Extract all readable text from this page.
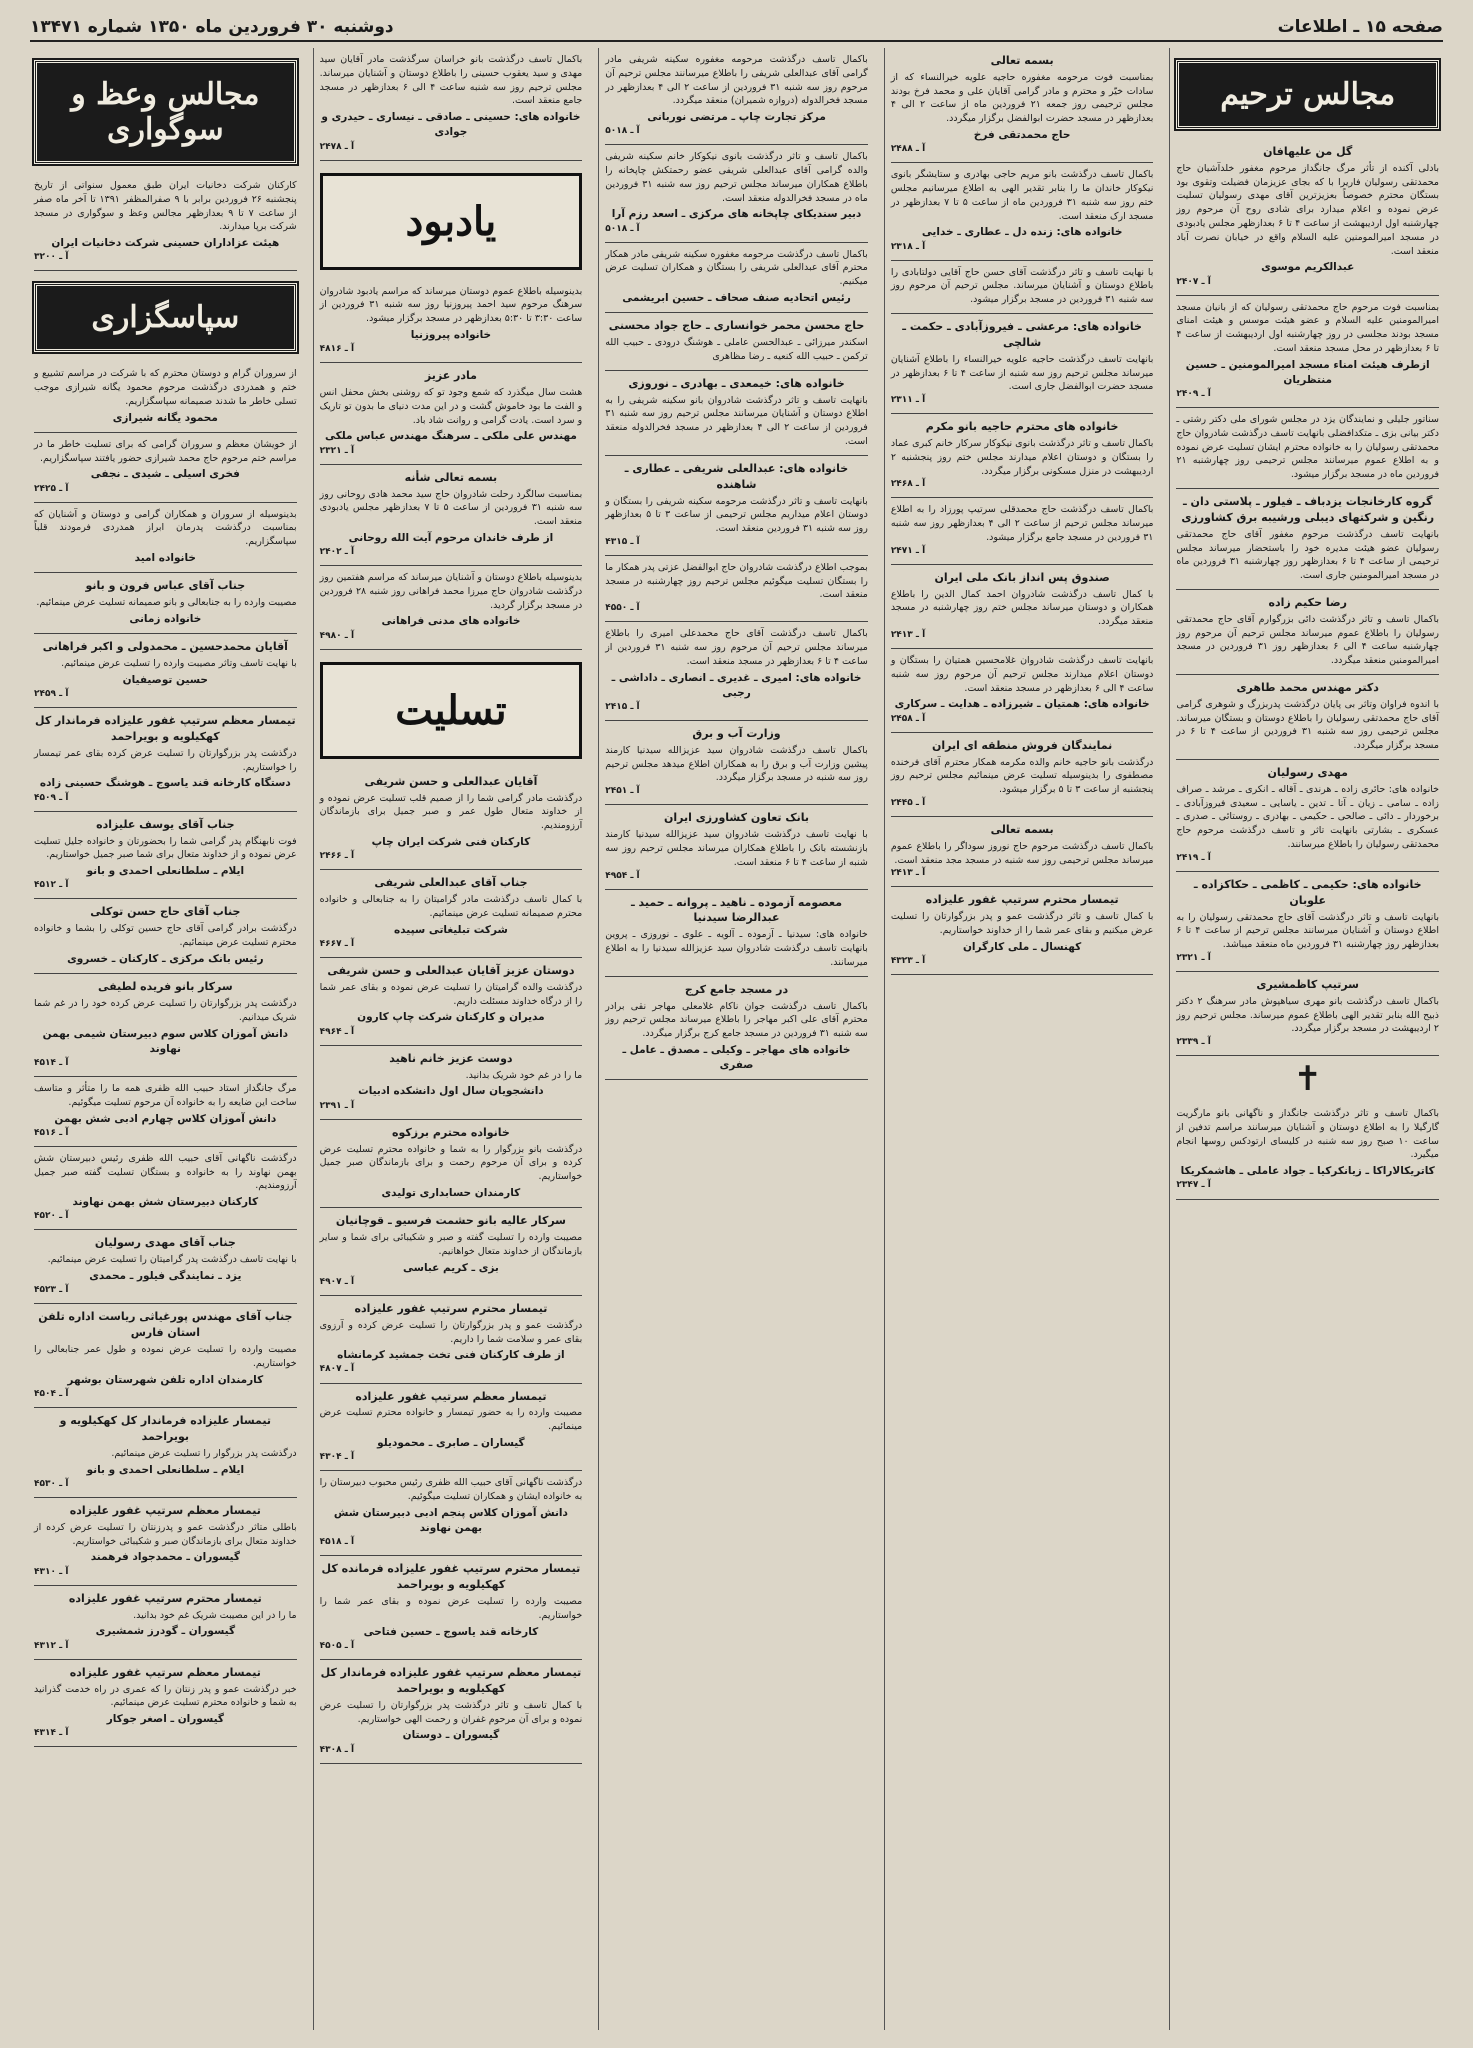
صفحه ۱۵ ـ اطلاعات
دوشنبه ۳۰ فروردین ماه ۱۳۵۰ شماره ۱۳۴۷۱
مجالس ترحیم
گل من علیهافان
بادلی آکنده از تأثر مرگ جانگداز مرحوم مغفور خلدآشیان حاج محمدتقی رسولیان فاریرا با که بجای عزیزمان فضیلت وتقوی بود بستگان محترم خصوصاً بعزیزترین آقای مهدی رسولیان تسلیت عرض نموده و اعلام میدارد برای شادی روح آن مرحوم روز چهارشنبه اول اردیبهشت از ساعت ۴ تا ۶ بعدازظهر مجلس یادبودی در مسجد امیرالمومنین علیه السلام واقع در خیابان نصرت آباد منعقد است.
عبدالکریم موسوی
آ ـ ۲۴۰۷
بمناسبت فوت مرحوم حاج محمدتقی رسولیان که از بانیان مسجد امیرالمومنین علیه السلام و عضو هیئت موسس و هیئت امنای مسجد بودند مجلسی در روز چهارشنبه اول اردیبهشت از ساعت ۴ تا ۶ بعدازظهر در محل مسجد منعقد است.
ازطرف هیئت امناء مسجد امیرالمومنین ـ حسین منتظریان
آ ـ ۲۴۰۹
سناتور جلیلی و نمایندگان یزد در مجلس شورای ملی دکتر رشتی ـ دکتر بیانی بزی ـ متکدافضلی بانهایت تاسف درگذشت شادروان حاج محمدتقی رسولیان را به خانواده محترم ایشان تسلیت عرض نموده و به اطلاع عموم میرسانند مجلس ترحیمی روز چهارشنبه ۲۱ فروردین ماه در مسجد برگزار میشود.
گروه کارخانجات یزدباف ـ فیلور ـ پلاستی دان ـ رنگین و شرکتهای دیبلی ورشیبه برق کشاورزی
بانهایت تاسف درگذشت مرحوم مغفور آقای حاج محمدتقی رسولیان عضو هیئت مدیره خود را باستحضار میرساند مجلس ترحیمی از ساعت ۴ تا ۶ بعدازظهر روز چهارشنبه ۳۱ فروردین ماه در مسجد امیرالمومنین جاری است.
رضا حکیم زاده
باکمال تاسف و تاثر درگذشت دائی بزرگوارم آقای حاج محمدتقی رسولیان را باطلاع عموم میرساند مجلس ترحیم آن مرحوم روز چهارشنبه ساعت ۴ الی ۶ بعدازظهر روز ۳۱ فروردین در مسجد امیرالمومنین منعقد میگردد.
دکتر مهندس محمد طاهری
با اندوه فراوان وتاثر بی پایان درگذشت پدربزرگ و شوهری گرامی آقای حاج محمدتقی رسولیان را باطلاع دوستان و بستگان میرساند. مجلس ترحیمی روز سه شنبه ۳۱ فروردین از ساعت ۴ تا ۶ در مسجد برگزار میگردد.
مهدی رسولیان
خانواده های: حائری زاده ـ هرندی ـ آقاله ـ انکری ـ مرشد ـ صراف زاده ـ سامی ـ زیان ـ آتا ـ تدین ـ یاسایی ـ سعیدی فیروزآبادی ـ برخوردار ـ دائی ـ صالحی ـ حکیمی ـ بهادری ـ روستائی ـ صدری ـ عسکری ـ بشارتی بانهایت تاثر و تاسف درگذشت مرحوم حاج محمدتقی رسولیان را باطلاع میرسانند.
آ ـ ۲۴۱۹
خانواده های: حکیمی ـ کاظمی ـ حکاکزاده ـ علوبان
بانهایت تاسف و تاثر درگذشت آقای حاج محمدتقی رسولیان را به اطلاع دوستان و آشنایان میرسانند مجلس ترحیم از ساعت ۴ تا ۶ بعدازظهر روز چهارشنبه ۳۱ فروردین ماه منعقد میباشد.
آ ـ ۲۳۲۱
سرتیپ کاظمشیری
باکمال تاسف درگذشت بانو مهری سیاهپوش مادر سرهنگ ۲ دکتر ذبیح الله بنابر تقدیر الهی باطلاع عموم میرساند. مجلس ترحیم روز ۲ اردیبهشت در مسجد برگزار میگردد.
آ ـ ۲۳۳۹
✝
باکمال تاسف و تاثر درگذشت جانگداز و ناگهانی بانو مارگریت گارگیلا را به اطلاع دوستان و آشنایان میرسانند مراسم تدفین از ساعت ۱۰ صبح روز سه شنبه در کلیسای ارتودکس روسها انجام میگیرد.
کاتریکالاراکا ـ زیانکرکیا ـ جواد عاملی ـ هاشمکریکا
آ ـ ۲۳۴۷
بسمه تعالی
بمناسبت فوت مرحومه مغفوره حاجیه علویه خیرالنساء که از سادات خیّر و محترم و مادر گرامی آقایان علی و محمد فرخ بودند مجلس ترحیمی روز جمعه ۲۱ فروردین ماه از ساعت ۲ الی ۴ بعدازظهر در مسجد حضرت ابوالفضل برگزار میگردد.
حاج محمدتقی فرخ
آ ـ ۲۴۸۸
باکمال تاسف درگذشت بانو مریم حاجی بهادری و ستایشگر بانوی نیکوکار خاندان ما را بنابر تقدیر الهی به اطلاع میرسانیم مجلس ختم روز سه شنبه ۳۱ فروردین ماه از ساعت ۵ تا ۷ بعدازظهر در مسجد ارک منعقد است.
خانواده های: زنده دل ـ عطاری ـ خدایی
آ ـ ۲۳۱۸
با نهایت تاسف و تاثر درگذشت آقای حسن حاج آقایی دولتابادی را باطلاع دوستان و آشنایان میرساند. مجلس ترحیم آن مرحوم روز سه شنبه ۳۱ فروردین در مسجد برگزار میشود.
خانواده های: مرعشی ـ فیروزآبادی ـ حکمت ـ شالچی
بانهایت تاسف درگذشت حاجیه علویه خیرالنساء را باطلاع آشنایان میرساند مجلس ترحیم روز سه شنبه از ساعت ۴ تا ۶ بعدازظهر در مسجد حضرت ابوالفضل جاری است.
آ ـ ۲۳۱۱
خانواده های محترم حاجیه بانو مکرم
باکمال تاسف و تاثر درگذشت بانوی نیکوکار سرکار خانم کبری عماد را بستگان و دوستان اعلام میدارند مجلس ختم روز پنجشنبه ۲ اردیبهشت در منزل مسکونی برگزار میگردد.
آ ـ ۲۴۶۸
باکمال تاسف درگذشت حاج محمدقلی سرتیپ پورزاد را به اطلاع میرساند مجلس ترحیم از ساعت ۲ الی ۴ بعدازظهر روز سه شنبه ۳۱ فروردین در مسجد جامع برگزار میشود.
آ ـ ۲۴۷۱
صندوق پس انداز بانک ملی ایران
با کمال تاسف درگذشت شادروان احمد کمال الدین را باطلاع همکاران و دوستان میرساند مجلس ختم روز چهارشنبه در مسجد منعقد میگردد.
آ ـ ۲۴۱۳
بانهایت تاسف درگذشت شادروان غلامحسین همتیان را بستگان و دوستان اعلام میدارند مجلس ترحیم آن مرحوم روز سه شنبه ساعت ۴ الی ۶ بعدازظهر در مسجد منعقد است.
خانواده های: همتیان ـ شیرزاده ـ هدایت ـ سرکاری
آ ـ ۲۴۵۸
نمایندگان فروش منطقه ای ایران
درگذشت بانو حاجیه خانم والده مکرمه همکار محترم آقای فرخنده مصطفوی را بدینوسیله تسلیت عرض مینمائیم مجلس ترحیم روز پنجشنبه از ساعت ۳ تا ۵ برگزار میشود.
آ ـ ۲۴۴۵
بسمه تعالی
باکمال تاسف درگذشت مرحوم حاج نوروز سوداگر را باطلاع عموم میرساند مجلس ترحیمی روز سه شنبه در مسجد مجد منعقد است.
آ ـ ۲۴۱۳
تیمسار محترم سرتیپ غفور علیزاده
با کمال تاسف و تاثر درگذشت عمو و پدر بزرگوارتان را تسلیت عرض میکنیم و بقای عمر شما را از خداوند خواستاریم.
کهنسال ـ ملی کارگران
آ ـ ۴۳۲۳
باکمال تاسف درگذشت مرحومه مغفوره سکینه شریفی مادر گرامی آقای عبدالعلی شریفی را باطلاع میرسانند مجلس ترحیم آن مرحوم روز سه شنبه ۳۱ فروردین از ساعت ۲ الی ۴ بعدازظهر در مسجد فخرالدوله (دروازه شمیران) منعقد میگردد.
مرکز تجارت چاپ ـ مرتضی نوربانی
آ ـ ۵۰۱۸
باکمال تاسف و تاثر درگذشت بانوی نیکوکار خانم سکینه شریفی والده گرامی آقای عبدالعلی شریفی عضو رحمتکش چاپخانه را باطلاع همکاران میرساند مجلس ترحیم روز سه شنبه ۳۱ فروردین ماه در مسجد فخرالدوله منعقد است.
دبیر سندیکای چاپخانه های مرکزی ـ اسعد رزم آرا
آ ـ ۵۰۱۸
باکمال تاسف درگذشت مرحومه مغفوره سکینه شریفی مادر همکار محترم آقای عبدالعلی شریفی را بستگان و همکاران تسلیت عرض میکنیم.
رئیس اتحادیه صنف صحاف ـ حسین ابریشمی
حاج محسن محمر خوانساری ـ حاج جواد محسنی
اسکندر میرزائی ـ عبدالحسن عاملی ـ هوشنگ درودی ـ حبیب الله ترکمن ـ حبیب الله کنعیه ـ رضا مظاهری
خانواده های: خیمعدی ـ بهادری ـ نوروزی
بانهایت تاسف و تاثر درگذشت شادروان بانو سکینه شریفی را به اطلاع دوستان و آشنایان میرسانند مجلس ترحیم روز سه شنبه ۳۱ فروردین از ساعت ۲ الی ۴ بعدازظهر در مسجد فخرالدوله منعقد است.
خانواده های: عبدالعلی شریفی ـ عطاری ـ شاهنده
بانهایت تاسف و تاثر درگذشت مرحومه سکینه شریفی را بستگان و دوستان اعلام میداریم مجلس ترحیمی از ساعت ۳ تا ۵ بعدازظهر روز سه شنبه ۳۱ فروردین منعقد است.
آ ـ ۴۳۱۵
بموجب اطلاع درگذشت شادروان حاج ابوالفضل عزتی پدر همکار ما را بستگان تسلیت میگوئیم مجلس ترحیم روز چهارشنبه در مسجد منعقد است.
آ ـ ۴۵۵۰
باکمال تاسف درگذشت آقای حاج محمدعلی امیری را باطلاع میرساند مجلس ترحیم آن مرحوم روز سه شنبه ۳۱ فروردین از ساعت ۴ تا ۶ بعدازظهر در مسجد منعقد است.
خانواده های: امیری ـ غدیری ـ انصاری ـ داداشی ـ رجبی
آ ـ ۲۴۱۵
وزارت آب و برق
باکمال تاسف درگذشت شادروان سید عزیزالله سیدنیا کارمند پیشین وزارت آب و برق را به همکاران اطلاع میدهد مجلس ترحیم روز سه شنبه در مسجد برگزار میگردد.
آ ـ ۲۴۵۱
بانک تعاون کشاورزی ایران
با نهایت تاسف درگذشت شادروان سید عزیزالله سیدنیا کارمند بازنشسته بانک را باطلاع همکاران میرساند مجلس ترحیم روز سه شنبه از ساعت ۴ تا ۶ منعقد است.
آ ـ ۴۹۵۴
معصومه آزموده ـ ناهید ـ پروانه ـ حمید ـ عبدالرضا سیدنیا
خانواده های: سیدنیا ـ آزموده ـ آلویه ـ علوی ـ نوروزی ـ پروین بانهایت تاسف درگذشت شادروان سید عزیزالله سیدنیا را به اطلاع میرسانند.
در مسجد جامع کرج
باکمال تاسف درگذشت جوان ناکام غلامعلی مهاجر نقی برادر محترم آقای علی اکبر مهاجر را باطلاع میرساند مجلس ترحیم روز سه شنبه ۳۱ فروردین در مسجد جامع کرج برگزار میگردد.
خانواده های مهاجر ـ وکیلی ـ مصدق ـ عامل ـ صفری
باکمال تاسف درگذشت بانو خراسان سرگذشت مادر آقایان سید مهدی و سید یعقوب حسینی را باطلاع دوستان و آشنایان میرساند. مجلس ترحیم روز سه شنبه ساعت ۴ الی ۶ بعدازظهر در مسجد جامع منعقد است.
خانواده های: حسینی ـ صادقی ـ نیساری ـ حیدری و جوادی
آ ـ ۲۴۷۸
یادبود
بدینوسیله باطلاع عموم دوستان میرساند که مراسم یادبود شادروان سرهنگ مرحوم سید احمد پیروزنیا روز سه شنبه ۳۱ فروردین از ساعت ۳:۳۰ تا ۵:۳۰ بعدازظهر در مسجد برگزار میشود.
خانواده پیروزنیا
آ ـ ۴۸۱۶
مادر عزیز
هشت سال میگذرد که شمع وجود تو که روشنی بخش محفل انس و الفت ما بود خاموش گشت و در این مدت دنیای ما بدون تو تاریک و سرد است. یادت گرامی و روانت شاد باد.
مهندس علی ملکی ـ سرهنگ مهندس عباس ملکی
آ ـ ۲۳۲۱
بسمه تعالی شأنه
بمناسبت سالگرد رحلت شادروان حاج سید محمد هادی روحانی روز سه شنبه ۳۱ فروردین از ساعت ۵ تا ۷ بعدازظهر مجلس یادبودی منعقد است.
از طرف خاندان مرحوم آیت الله روحانی
آ ـ ۲۴۰۲
بدینوسیله باطلاع دوستان و آشنایان میرساند که مراسم هفتمین روز درگذشت شادروان حاج میرزا محمد فراهانی روز شنبه ۲۸ فروردین در مسجد برگزار گردید.
خانواده های مدنی فراهانی
آ ـ ۴۹۸۰
تسلیت
آقایان عبدالعلی و حسن شریفی
درگذشت مادر گرامی شما را از صمیم قلب تسلیت عرض نموده و از خداوند متعال طول عمر و صبر جمیل برای بازماندگان آرزومندیم.
کارکنان فنی شرکت ایران چاپ
آ ـ ۲۴۶۶
جناب آقای عبدالعلی شریفی
با کمال تاسف درگذشت مادر گرامیتان را به جنابعالی و خانواده محترم صمیمانه تسلیت عرض مینمائیم.
شرکت تبلیغاتی سپیده
آ ـ ۴۶۶۷
دوستان عزیز آقایان عبدالعلی و حسن شریفی
درگذشت والده گرامیتان را تسلیت عرض نموده و بقای عمر شما را از درگاه خداوند مسئلت داریم.
مدیران و کارکنان شرکت چاپ کارون
آ ـ ۴۹۶۴
دوست عزیز خانم ناهید
ما را در غم خود شریک بدانید.
دانشجویان سال اول دانشکده ادبیات
آ ـ ۲۳۹۱
خانواده محترم برزکوه
درگذشت بانو بزرگوار را به شما و خانواده محترم تسلیت عرض کرده و برای آن مرحوم رحمت و برای بازماندگان صبر جمیل خواستاریم.
کارمندان حسابداری تولیدی
سرکار عالیه بانو حشمت فرسیو ـ قوچانیان
مصیبت وارده را تسلیت گفته و صبر و شکیبائی برای شما و سایر بازماندگان از خداوند متعال خواهانیم.
بزی ـ کریم عباسی
آ ـ ۴۹۰۷
تیمسار محترم سرتیپ غفور علیزاده
درگذشت عمو و پدر بزرگوارتان را تسلیت عرض کرده و آرزوی بقای عمر و سلامت شما را داریم.
از طرف کارکنان فنی تخت جمشید کرمانشاه
آ ـ ۴۸۰۷
تیمسار معظم سرتیپ غفور علیزاده
مصیبت وارده را به حضور تیمسار و خانواده محترم تسلیت عرض مینمائیم.
گیساران ـ صابری ـ محمودیلو
آ ـ ۴۳۰۴
درگذشت ناگهانی آقای حبیب الله ظفری رئیس محبوب دبیرستان را به خانواده ایشان و همکاران تسلیت میگوئیم.
دانش آموزان کلاس پنجم ادبی دبیرستان شش بهمن نهاوند
آ ـ ۴۵۱۸
تیمسار محترم سرتیپ غفور علیزاده فرمانده کل کهکیلویه و بویراحمد
مصیبت وارده را تسلیت عرض نموده و بقای عمر شما را خواستاریم.
کارخانه قند یاسوج ـ حسین فتاحی
آ ـ ۴۵۰۵
تیمسار معظم سرتیپ غفور علیزاده فرماندار کل کهکیلویه و بویراحمد
با کمال تاسف و تاثر درگذشت پدر بزرگوارتان را تسلیت عرض نموده و برای آن مرحوم غفران و رحمت الهی خواستاریم.
گیسوران ـ دوستان
آ ـ ۴۳۰۸
مجالس وعظ و سوگواری
کارکنان شرکت دخانیات ایران طبق معمول سنواتی از تاریخ پنجشنبه ۲۶ فروردین برابر با ۹ صفرالمظفر ۱۳۹۱ تا آخر ماه صفر از ساعت ۷ تا ۹ بعدازظهر مجالس وعظ و سوگواری در مسجد شرکت برپا میدارند.
هیئت عزاداران حسینی شرکت دخانیات ایران
آ ـ ۳۲۰۰
سپاسگزاری
از سروران گرام و دوستان محترم که با شرکت در مراسم تشییع و ختم و همدردی درگذشت مرحوم محمود یگانه شیرازی موجب تسلی خاطر ما شدند صمیمانه سپاسگزاریم.
محمود یگانه شیرازی
از خویشان معظم و سروران گرامی که برای تسلیت خاطر ما در مراسم ختم مرحوم حاج محمد شیرازی حضور یافتند سپاسگزاریم.
فخری اسیلی ـ شیدی ـ نجفی
آ ـ ۲۴۲۵
بدینوسیله از سروران و همکاران گرامی و دوستان و آشنایان که بمناسبت درگذشت پدرمان ابراز همدردی فرمودند قلباً سپاسگزاریم.
خانواده امید
جناب آقای عباس فرون و بانو
مصیبت وارده را به جنابعالی و بانو صمیمانه تسلیت عرض مینمائیم.
خانواده زمانی
آقایان محمدحسین ـ محمدولی و اکبر فراهانی
با نهایت تاسف وتاثر مصیبت وارده را تسلیت عرض مینمائیم.
حسین توصیفیان
آ ـ ۲۴۵۹
تیمسار معظم سرتیپ غفور علیزاده فرماندار کل کهکیلویه و بویراحمد
درگذشت پدر بزرگوارتان را تسلیت عرض کرده بقای عمر تیمسار را خواستاریم.
دستگاه کارخانه قند یاسوج ـ هوشنگ حسینی زاده
آ ـ ۴۵۰۹
جناب آقای یوسف علیزاده
فوت نابهنگام پدر گرامی شما را بحضورتان و خانواده جلیل تسلیت عرض نموده و از خداوند متعال برای شما صبر جمیل خواستاریم.
ایلام ـ سلطانعلی احمدی و بانو
آ ـ ۴۵۱۲
جناب آقای حاج حسن توکلی
درگذشت برادر گرامی آقای حاج حسین توکلی را بشما و خانواده محترم تسلیت عرض مینمائیم.
رئیس بانک مرکزی ـ کارکنان ـ خسروی
سرکار بانو فریده لطیفی
درگذشت پدر بزرگوارتان را تسلیت عرض کرده خود را در غم شما شریک میدانیم.
دانش آموزان کلاس سوم دبیرستان شیمی بهمن نهاوند
آ ـ ۴۵۱۴
مرگ جانگداز استاد حبیب الله ظفری همه ما را متأثر و متاسف ساخت این ضایعه را به خانواده آن مرحوم تسلیت میگوئیم.
دانش آموزان کلاس چهارم ادبی شش بهمن
آ ـ ۴۵۱۶
درگذشت ناگهانی آقای حبیب الله ظفری رئیس دبیرستان شش بهمن نهاوند را به خانواده و بستگان تسلیت گفته صبر جمیل آرزومندیم.
کارکنان دبیرستان شش بهمن نهاوند
آ ـ ۴۵۲۰
جناب آقای مهدی رسولیان
با نهایت تاسف درگذشت پدر گرامیتان را تسلیت عرض مینمائیم.
یزد ـ نمایندگی فیلور ـ محمدی
آ ـ ۴۵۲۳
جناب آقای مهندس پورغیاثی ریاست اداره تلفن استان فارس
مصیبت وارده را تسلیت عرض نموده و طول عمر جنابعالی را خواستاریم.
کارمندان اداره تلفن شهرستان بوشهر
آ ـ ۴۵۰۴
تیمسار علیزاده فرماندار کل کهکیلویه و بویراحمد
درگذشت پدر بزرگوار را تسلیت عرض مینمائیم.
ایلام ـ سلطانعلی احمدی و بانو
آ ـ ۴۵۳۰
تیمسار معظم سرتیپ غفور علیزاده
باطلی متاثر درگذشت عمو و پدرزنتان را تسلیت عرض کرده از خداوند متعال برای بازماندگان صبر و شکیبائی خواستاریم.
گیسوران ـ محمدجواد فرهمند
آ ـ ۴۳۱۰
تیمسار محترم سرتیپ غفور علیزاده
ما را در این مصیبت شریک غم خود بدانید.
گیسوران ـ گودرز شمشیری
آ ـ ۴۳۱۲
تیمسار معظم سرتیپ غفور علیزاده
خبر درگذشت عمو و پدر زنتان را که عمری در راه خدمت گذرانید به شما و خانواده محترم تسلیت عرض مینمائیم.
گیسوران ـ اصغر جوکار
آ ـ ۴۳۱۴
